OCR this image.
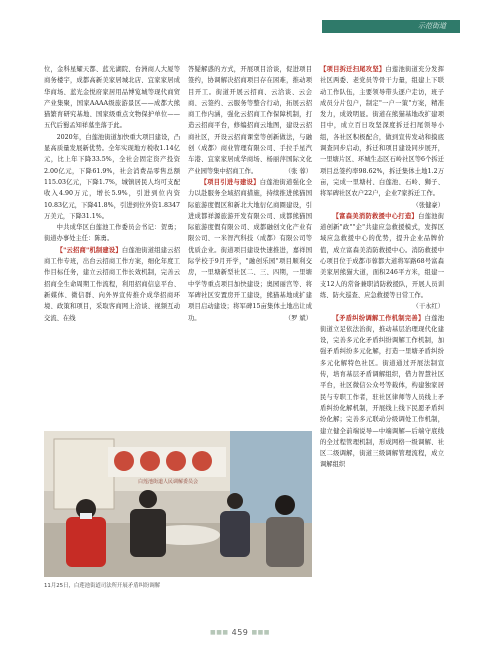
示范街道

位，金科星耀天都、蓝光湖院、台洲商人大厦等商务楼宇，成都高新美家居城北店、宜家家居成华商场、蓝光金悦府家居用品博览城等现代商贸产业集聚，国家AAAA级旅游景区——成都大熊猫繁育研究基地、国家级重点文物保护单位——五代后蜀孟知祥墓坐落于此。

2020年，白莲池街道加快重大项目建设，凸显高质量发展新优势。全年实现地方税收1.14亿元，比上年下降33.5%，全社会固定资产投资2.00亿元，下降61.9%，社会消费品零售总额115.03亿元，下降1.7%，城镇居民人均可支配收入4.90万元，增长5.9%，引进到位内资10.83亿元，下降41.8%，引进到位外资1.8347万美元，下降31.1%。

中共成华区白莲池工作委员会书记：贺勇；街道办事处主任：陈勇。

【"云招商"机制建设】白莲池街道组建云招商工作专班，出台云招商工作方案，细化年度工作目标任务，建立云招商工作长效机制，完善云招商全生命周期工作流程，利用招商信息平台、新媒体、微信群、向外界宣传推介成华招商环境、政策和项目，采取客商网上洽谈、视频互动交流、在线

答疑解惑的方式，开展项目洽谈，促进项目签约，协调解决招商项目存在困难，推动项目开工。街道开展云招商、云洽谈、云会商、云签约、云服务等整合行动，拓展云招商工作内涵，强化云招商工作保障机制，打造云招商平台，修编招商云地图，建设云招商社区，开设云招商课堂等创新做法，与融创（成都）商业管理有限公司、手拉手星汽车港、宜家家居成华商场、杨丽萍国际文化产业园等集中招商工作。	（张 蓉）

【项目引进与建设】白莲池街道强化全力以赴服务全域招商措施，持续推进熊猫国际旅游度假区和新北大地衍亿商圈建设，引进成都祥源旅游开发有限公司、成都熊猫国际旅游度假有限公司、成都融创文化产业有限公司、一米智汽科技（成都）有限公司等优质企业。街道项目建设快速推进，嘉祥国际学校于9月开学，"融创乐园"项目顺利交房，一里塘新型社区二、三、四期，一里塘中学等重点项目加快建设；奥园丽宫等、将军碑社区安置房开工建设，熊猫基地成扩建项目启动建设；将军碑15亩集体土地出让成功。	（罗 斌）

【项目拆迁扫尾攻坚】白莲池街道充分发挥社区两委、老党员等骨干力量，组建上下联动工作队伍，主要领导带头逐户走访，班子成员分片包户，制定"一户一策"方案，精准发力，成效明显。街道在熊猫基地改扩建项目中，成立百日攻坚深度拆迁扫尾领导小组，各社区积极配合，做到宣传发动和摸底调查同步启动，拆迁和项目建设同步展开，一里塘片区、环城生态区石岭社区等6个拆迁项目总签约率98.62%，拆迁集体土地1.2万亩，完成一里塘村、白莲池、石岭、狮子、将军碑社区农户22户，企业7家拆迁工作。
（张健豪）

【富森美消防救援中心打造】白莲池街道创新"政""企"共建应急救援模式，发挥区域应急救援中心的优势，提升企业品牌价值，成立富森美消防救援中心。消防救援中心项目位于成都市蓉都大道将军路68号富森美家居熊猫大道，面积246平方米，组建一支12人的常备兼职消防救援队，开展人员训练、防火巡查、应急救援等日常工作。
（干永红）

【矛盾纠纷调解工作机制完善】白莲池街道立足依法治街，推动基层治理现代化建设，完善多元化矛盾纠纷调解工作机制，加强矛盾纠纷多元化解，打造一里塘矛盾纠纷多元化解特色社区。街道通过开展法制宣传，培育基层矛盾调解组织，借力智慧社区平台，社区微信公众号等载体，构建独家居民与专职工作者，驻社区律师等人员线上矛盾纠纷化解机制，开展线上线下民愿矛盾纠纷化解；完善多元联动分级调处工作机制，建立健全前端说导—中端调解—后端守底线的全过程管理机制，形成网格一级调解、社区二级调解，街道三级调解管理流程，成立调解组织

白莲池街道人民调解委员会
11月25日，白莲池街道司法所开展矛盾纠纷调解
■■■ 459 ■■■
